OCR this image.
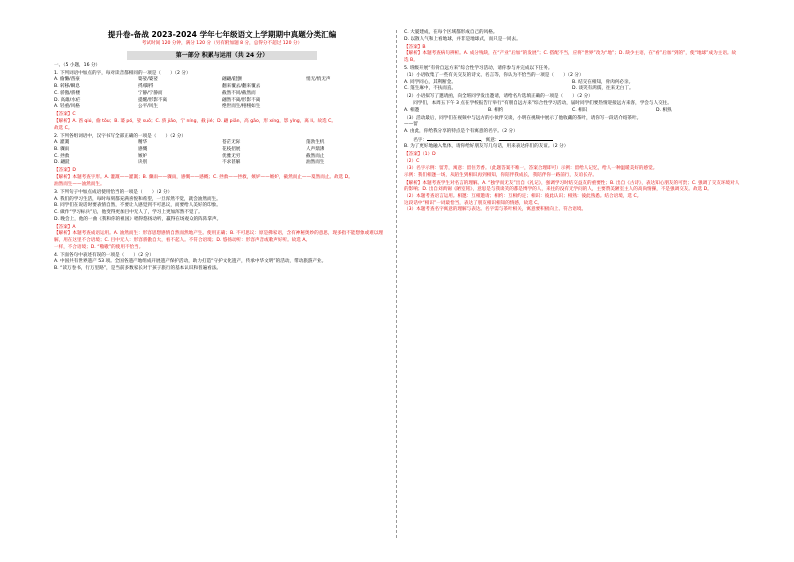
提升卷-备战 2023-2024 学年七年级语文上学期期中真题分类汇编
考试时间 120 分钟，满分 120 分（另有附加题 8 分，总得分不超过 120 分）
第一部分 积累与运用（共 24 分）
一、（5 小题，16 分）
1. 下列词语中加点的字，每对读音都相同的一项是（　　）（2 分）
A. 偷懒/酋豪	婆娑/婆娑	翩翩/跹颤	悄无/悄无声
B. 转移/瞬息	捋/脚捋	翻来覆去/翻来覆去
C. 骄傲/骄楼	宁静/宁静而	截然不同/截然而
D. 高雄/水疟	提醒/形影不离	翩然不离/形影不离
A. 轻重/风格	公平/风生	绝世而生/栩栩如生
【答案】C
【解析】A. 酋 qiú，偷 tōu；B. 婆 pó，娑 suō；C. 骄 jiāo，宁 níng，截 jié；D. 翩 piān，高 gāo，形 xíng，影 yǐng，离 lí。故选 C。
故选 C。
2. 下列各组词语中，汉字书写全部正确的一项是（　　）（2 分）
A. 灌溉	精华	苍茫无际	蓬勃生机
B. 骤雨	感慨	花枝招展	人声鼎沸
C. 拯救	嫉妒	优雅无穷	截然而止
D. 翩跹	诀别	不求甚解	油然而生
【答案】D
【解析】本题考查字形。A. 灌溉——灌溉；B. 骤雨——骤雨，感慨——感概；C. 拯救——拯救，嫉妒——嫉妒，截然而止——戛然而止。故选 D。
油然而生——油然而生。
3. 下列句子中加点成语使用恰当的一项是（　　）（2 分）
A. 我们的学习生活，每时每刻都充满喜悦和希望，一旦浑然不觉，就会油然而生。
B. 同学们在说话时要表情自然，不要让人感觉到不可思议，而要给人美好的印象。
C. 做作“学习标兵”后，他变得更加目中无人了，学习上更加浑然不觉了。
D. 晚会上，他的一曲《我和你的祖国》唱得悠扬动听，赢得在场观众的阵阵掌声。
【答案】A
【解析】本题考查成语运用。A. 油然而生：形容思想感情自然而然地产生。使用正确；B. 不可思议：原是佛家语，含有神秘奥妙的意思，现多指不能想象或难以理解，用在这里不合语境；C. 目中无人：形容骄傲自大，看不起人。不符合语境；D. 悠扬动听：形容声音或歌声好听。故选 A。
一样，不合语境；D. “嗷嗷”的使用不恰当。
4. 下面各句中表述有误的一项是（　　）（2 分）
A. 中国共有世界遗产 53 项。全国各遗产地组成开展遗产保护活动，助力打造“守护文化遗产，传承中华文明”的活动，带动旅游产业。
B. “读万卷书，行万里路”，是当前多数家长对于孩子旅行的基本认识和普遍看法。
C. 大厦建成，在每个区域都形成自己的风格。
D. 以散人气和上看地球，并非是地球式，而只是一同去。
【答案】B
【解析】本题考查病句辨析。A. 成分残缺，在“产业”后加“的发展”；C. 搭配不当，应将“世界”改为“地”；D. 缺少主语，在“看”后加“到的”，使“地球”成为主语。故选 B。
5. 班级开展“有骨自远方来”综合性学习活动，请你参与并完成以下任务。
（1）小语收集了一些有关交友的诗文、名言等，你认为不恰当的一项是（　　）（2 分）
A. 同学同心，其利断金。	B. 结交在相知，骨肉何必亲。
C. 蓬生麻中，不扶而直。	D. 谈笑有鸿儒，往来无白丁。
（2）小语拟写了邀请函，向全班同学发出邀请，请给名片选填正确的一项是（　　）（2 分）
　　同学们，本周五下午 3 点在学校报告厅举行“有朋自远方来”综合性学习活动，届时同学们要热情迎接远方来客，学会与人交往。
A. 相邀	B. 相约	C. 相识	D. 相熟
（3）活动最后，同学们在视频中与远方的小伙伴交谈，小明在视频中展示了他收藏的茶叶，请你写一段话介绍茶叶。
——留
A. 由此，你给我分享的特点是个有寓意的名字。（2 分）
　　名字：	，寓意：
B. 为了更好地融入集体，请你给好朋友写几句话，用来表达你们的友谊。（2 分）
【答案】（1）D
（2）C
（3）名字示例：留芳，寓意：留住芳香。（此题答案不唯一，答案合理即可）示例：留给人记忆，给人一种温暖美好的感觉。
示例：我们相逢一场，从陌生到相识再到相知，你陪伴我成长，我陪伴你一路前行，友谊长存。
【解析】本题考查学生对名言的理解。A. “独学而无友”出自《礼记》，强调学习时结交益友的重要性；B. 出自《古诗》，表达知心朋友的可贵；C. 强调了交友环境对人的影响；D. 出自刘禹锡《陋室铭》，意思是与我谈笑的都是博学的人，来往的没有无学问的人，主要赞美陋室主人的高尚情操，不是强调交友。故选 D。
（2）本题考查语言运用。相邀：互相邀请；相约：互相约定；相识：彼此认识；相熟：彼此熟悉。结合语境，选 C。
这段话中“相识”一词最恰当，表达了朋友相识相知的情感，故选 C。
（3）本题考查名字寓意的理解与表达。名字需与茶叶相关，寓意要积极向上、符合语境。
